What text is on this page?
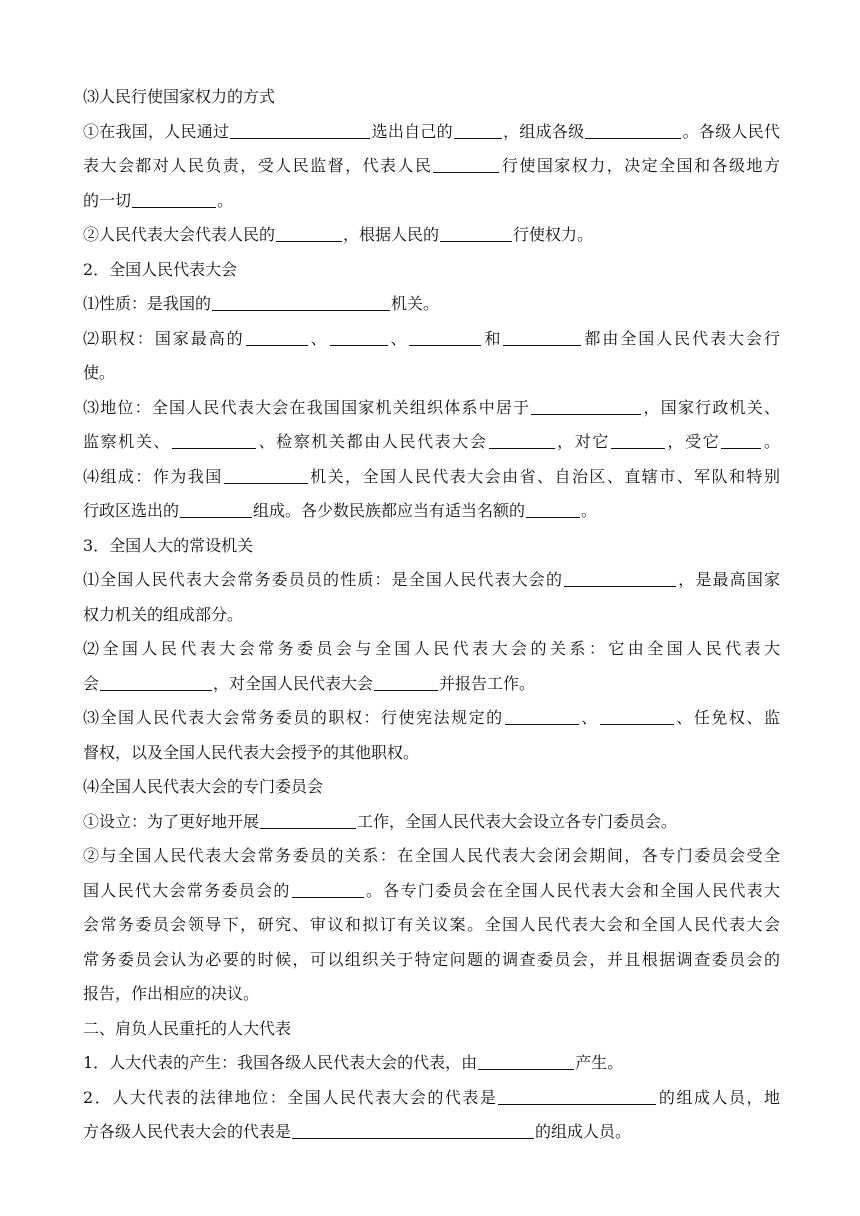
⑶人民行使国家权力的方式
①在我国，人民通过	选出自己的	，组成各级	。各级人民代
表大会都对人民负责，受人民监督，代表人民	行使国家权力，决定全国和各级地方
的一切	。
②人民代表大会代表人民的	，根据人民的	行使权力。
2．全国人民代表大会
⑴性质：是我国的	机关。
⑵职权：国家最高的	、	、	和	都由全国人民代表大会行
使。
⑶地位：全国人民代表大会在我国国家机关组织体系中居于	，国家行政机关、
监察机关、	、检察机关都由人民代表大会	，对它	，受它	。
⑷组成：作为我国	机关，全国人民代表大会由省、自治区、直辖市、军队和特别
行政区选出的	组成。各少数民族都应当有适当名额的	。
3．全国人大的常设机关
⑴全国人民代表大会常务委员员的性质：是全国人民代表大会的	，是最高国家
权力机关的组成部分。
⑵全国人民代表大会常务委员会与全国人民代表大会的关系：它由全国人民代表大
会	，对全国人民代表大会	并报告工作。
⑶全国人民代表大会常务委员的职权：行使宪法规定的	、	、任免权、监
督权，以及全国人民代表大会授予的其他职权。
⑷全国人民代表大会的专门委员会
①设立：为了更好地开展	工作，全国人民代表大会设立各专门委员会。
②与全国人民代表大会常务委员的关系：在全国人民代表大会闭会期间，各专门委员会受全
国人民代大会常务委员会的	。各专门委员会在全国人民代表大会和全国人民代表大
会常务委员会领导下，研究、审议和拟订有关议案。全国人民代表大会和全国人民代表大会
常务委员会认为必要的时候，可以组织关于特定问题的调查委员会，并且根据调查委员会的
报告，作出相应的决议。
二、肩负人民重托的人大代表
1．人大代表的产生：我国各级人民代表大会的代表，由	产生。
2．人大代表的法律地位：全国人民代表大会的代表是	的组成人员，地
方各级人民代表大会的代表是	的组成人员。
